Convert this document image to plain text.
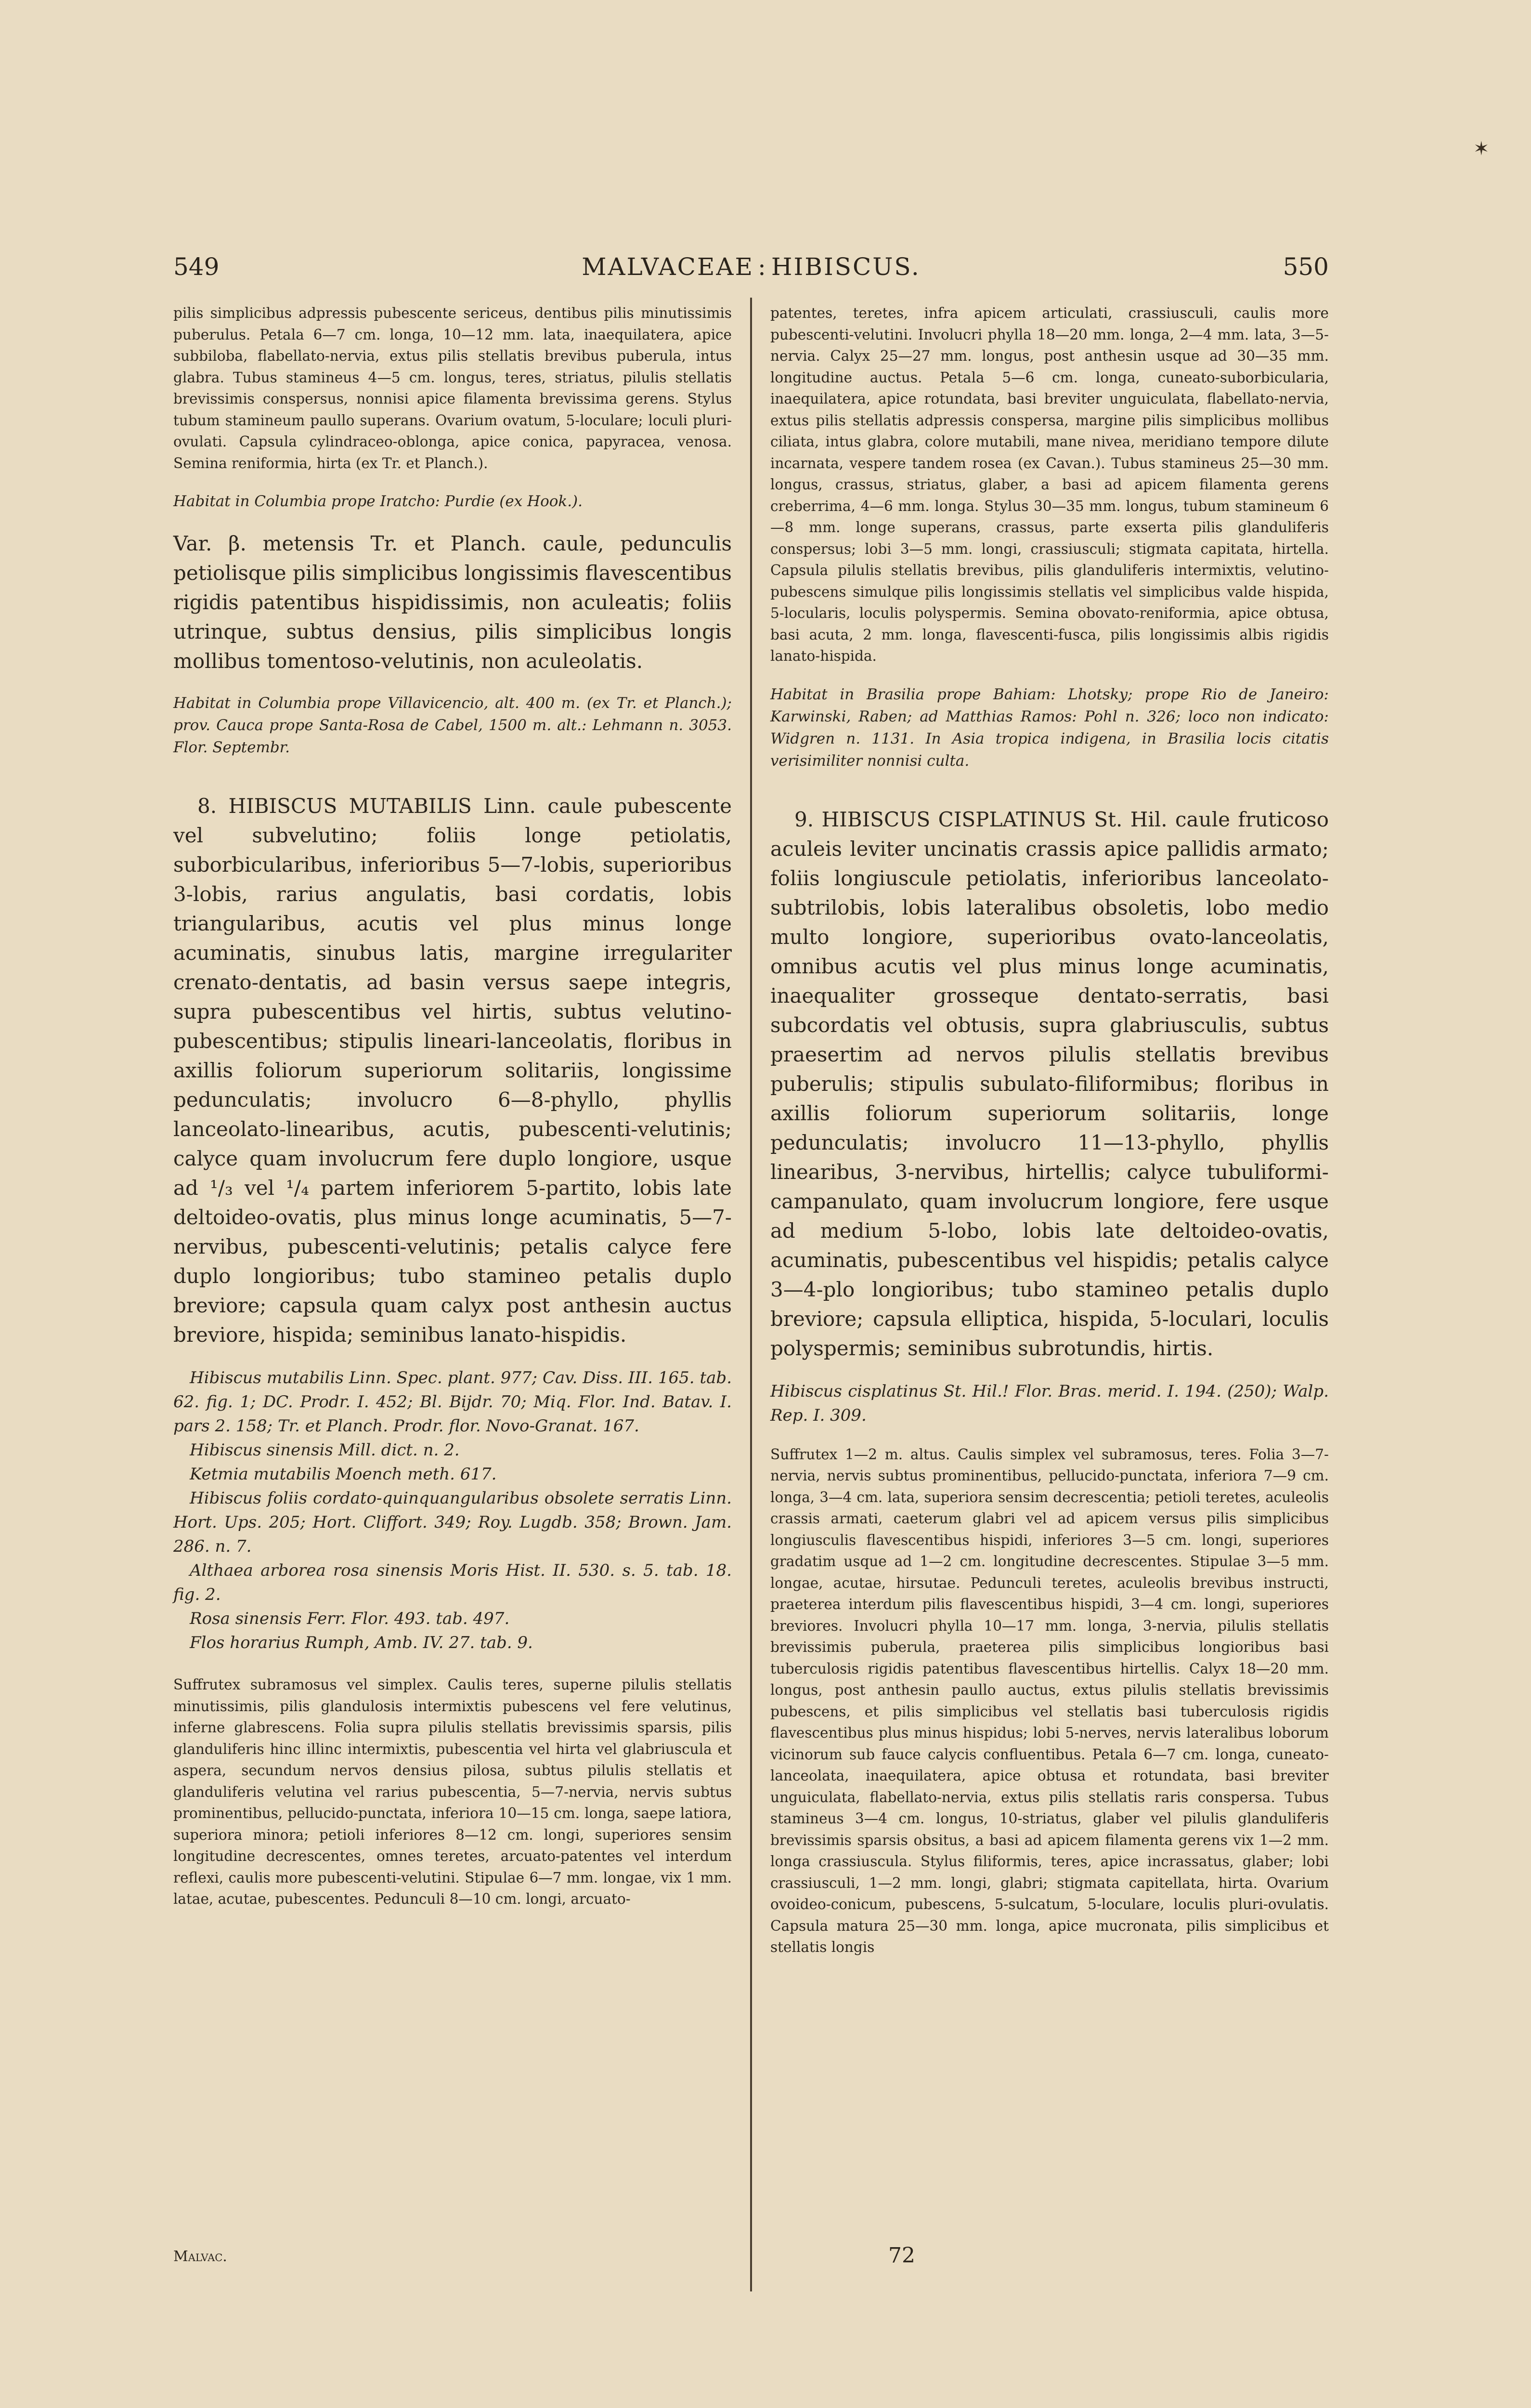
✶
549	MALVACEAE : HIBISCUS.	550

pilis simplicibus adpressis pubescente sericeus, dentibus pilis minutissimis puberulus. Petala 6—7 cm. longa, 10—12 mm. lata, inaequilatera, apice subbiloba, flabellato-nervia, extus pilis stellatis brevibus puberula, intus glabra. Tubus stamineus 4—5 cm. longus, teres, striatus, pilulis stellatis brevissimis conspersus, nonnisi apice filamenta brevissima gerens. Stylus tubum stamineum paullo superans. Ovarium ovatum, 5-loculare; loculi pluri-ovulati. Capsula cylindraceo-oblonga, apice conica, papyracea, venosa. Semina reniformia, hirta (ex Tr. et Planch.).

Habitat in Columbia prope Iratcho: Purdie (ex Hook.).

Var. β. metensis Tr. et Planch. caule, pedunculis petiolisque pilis simplicibus longissimis flavescentibus rigidis patentibus hispidissimis, non aculeatis; foliis utrinque, subtus densius, pilis simplicibus longis mollibus tomentoso-velutinis, non aculeolatis.

Habitat in Columbia prope Villavicencio, alt. 400 m. (ex Tr. et Planch.); prov. Cauca prope Santa-Rosa de Cabel, 1500 m. alt.: Lehmann n. 3053. Flor. Septembr.

8. HIBISCUS MUTABILIS Linn. caule pubescente vel subvelutino; foliis longe petiolatis, suborbicularibus, inferioribus 5—7-lobis, superioribus 3-lobis, rarius angulatis, basi cordatis, lobis triangularibus, acutis vel plus minus longe acuminatis, sinubus latis, margine irregulariter crenato-dentatis, ad basin versus saepe integris, supra pubescentibus vel hirtis, subtus velutino-pubescentibus; stipulis lineari-lanceolatis, floribus in axillis foliorum superiorum solitariis, longissime pedunculatis; involucro 6—8-phyllo, phyllis lanceolato-linearibus, acutis, pubescenti-velutinis; calyce quam involucrum fere duplo longiore, usque ad ¹/₃ vel ¹/₄ partem inferiorem 5-partito, lobis late deltoideo-ovatis, plus minus longe acuminatis, 5—7-nervibus, pubescenti-velutinis; petalis calyce fere duplo longioribus; tubo stamineo petalis duplo breviore; capsula quam calyx post anthesin auctus breviore, hispida; seminibus lanato-hispidis.

Hibiscus mutabilis Linn. Spec. plant. 977; Cav. Diss. III. 165. tab. 62. fig. 1; DC. Prodr. I. 452; Bl. Bijdr. 70; Miq. Flor. Ind. Batav. I. pars 2. 158; Tr. et Planch. Prodr. flor. Novo-Granat. 167.

Hibiscus sinensis Mill. dict. n. 2.

Ketmia mutabilis Moench meth. 617.

Hibiscus foliis cordato-quinquangularibus obsolete serratis Linn. Hort. Ups. 205; Hort. Cliffort. 349; Roy. Lugdb. 358; Brown. Jam. 286. n. 7.

Althaea arborea rosa sinensis Moris Hist. II. 530. s. 5. tab. 18. fig. 2.

Rosa sinensis Ferr. Flor. 493. tab. 497.

Flos horarius Rumph, Amb. IV. 27. tab. 9.

Suffrutex subramosus vel simplex. Caulis teres, superne pilulis stellatis minutissimis, pilis glandulosis intermixtis pubescens vel fere velutinus, inferne glabrescens. Folia supra pilulis stellatis brevissimis sparsis, pilis glanduliferis hinc illinc intermixtis, pubescentia vel hirta vel glabriuscula et aspera, secundum nervos densius pilosa, subtus pilulis stellatis et glanduliferis velutina vel rarius pubescentia, 5—7-nervia, nervis subtus prominentibus, pellucido-punctata, inferiora 10—15 cm. longa, saepe latiora, superiora minora; petioli inferiores 8—12 cm. longi, superiores sensim longitudine decrescentes, omnes teretes, arcuato-patentes vel interdum reflexi, caulis more pubescenti-velutini. Stipulae 6—7 mm. longae, vix 1 mm. latae, acutae, pubescentes. Pedunculi 8—10 cm. longi, arcuato-

patentes, teretes, infra apicem articulati, crassiusculi, caulis more pubescenti-velutini. Involucri phylla 18—20 mm. longa, 2—4 mm. lata, 3—5-nervia. Calyx 25—27 mm. longus, post anthesin usque ad 30—35 mm. longitudine auctus. Petala 5—6 cm. longa, cuneato-suborbicularia, inaequilatera, apice rotundata, basi breviter unguiculata, flabellato-nervia, extus pilis stellatis adpressis conspersa, margine pilis simplicibus mollibus ciliata, intus glabra, colore mutabili, mane nivea, meridiano tempore dilute incarnata, vespere tandem rosea (ex Cavan.). Tubus stamineus 25—30 mm. longus, crassus, striatus, glaber, a basi ad apicem filamenta gerens creberrima, 4—6 mm. longa. Stylus 30—35 mm. longus, tubum stamineum 6—8 mm. longe superans, crassus, parte exserta pilis glanduliferis conspersus; lobi 3—5 mm. longi, crassiusculi; stigmata capitata, hirtella. Capsula pilulis stellatis brevibus, pilis glanduliferis intermixtis, velutino-pubescens simulque pilis longissimis stellatis vel simplicibus valde hispida, 5-locularis, loculis polyspermis. Semina obovato-reniformia, apice obtusa, basi acuta, 2 mm. longa, flavescenti-fusca, pilis longissimis albis rigidis lanato-hispida.

Habitat in Brasilia prope Bahiam: Lhotsky; prope Rio de Janeiro: Karwinski, Raben; ad Matthias Ramos: Pohl n. 326; loco non indicato: Widgren n. 1131. In Asia tropica indigena, in Brasilia locis citatis verisimiliter nonnisi culta.

9. HIBISCUS CISPLATINUS St. Hil. caule fruticoso aculeis leviter uncinatis crassis apice pallidis armato; foliis longiuscule petiolatis, inferioribus lanceolato-subtrilobis, lobis lateralibus obsoletis, lobo medio multo longiore, superioribus ovato-lanceolatis, omnibus acutis vel plus minus longe acuminatis, inaequaliter grosseque dentato-serratis, basi subcordatis vel obtusis, supra glabriusculis, subtus praesertim ad nervos pilulis stellatis brevibus puberulis; stipulis subulato-filiformibus; floribus in axillis foliorum superiorum solitariis, longe pedunculatis; involucro 11—13-phyllo, phyllis linearibus, 3-nervibus, hirtellis; calyce tubuliformi-campanulato, quam involucrum longiore, fere usque ad medium 5-lobo, lobis late deltoideo-ovatis, acuminatis, pubescentibus vel hispidis; petalis calyce 3—4-plo longioribus; tubo stamineo petalis duplo breviore; capsula elliptica, hispida, 5-loculari, loculis polyspermis; seminibus subrotundis, hirtis.

Hibiscus cisplatinus St. Hil.! Flor. Bras. merid. I. 194. (250); Walp. Rep. I. 309.

Suffrutex 1—2 m. altus. Caulis simplex vel subramosus, teres. Folia 3—7-nervia, nervis subtus prominentibus, pellucido-punctata, inferiora 7—9 cm. longa, 3—4 cm. lata, superiora sensim decrescentia; petioli teretes, aculeolis crassis armati, caeterum glabri vel ad apicem versus pilis simplicibus longiusculis flavescentibus hispidi, inferiores 3—5 cm. longi, superiores gradatim usque ad 1—2 cm. longitudine decrescentes. Stipulae 3—5 mm. longae, acutae, hirsutae. Pedunculi teretes, aculeolis brevibus instructi, praeterea interdum pilis flavescentibus hispidi, 3—4 cm. longi, superiores breviores. Involucri phylla 10—17 mm. longa, 3-nervia, pilulis stellatis brevissimis puberula, praeterea pilis simplicibus longioribus basi tuberculosis rigidis patentibus flavescentibus hirtellis. Calyx 18—20 mm. longus, post anthesin paullo auctus, extus pilulis stellatis brevissimis pubescens, et pilis simplicibus vel stellatis basi tuberculosis rigidis flavescentibus plus minus hispidus; lobi 5-nerves, nervis lateralibus loborum vicinorum sub fauce calycis confluentibus. Petala 6—7 cm. longa, cuneato-lanceolata, inaequilatera, apice obtusa et rotundata, basi breviter unguiculata, flabellato-nervia, extus pilis stellatis raris conspersa. Tubus stamineus 3—4 cm. longus, 10-striatus, glaber vel pilulis glanduliferis brevissimis sparsis obsitus, a basi ad apicem filamenta gerens vix 1—2 mm. longa crassiuscula. Stylus filiformis, teres, apice incrassatus, glaber; lobi crassiusculi, 1—2 mm. longi, glabri; stigmata capitellata, hirta. Ovarium ovoideo-conicum, pubescens, 5-sulcatum, 5-loculare, loculis pluri-ovulatis. Capsula matura 25—30 mm. longa, apice mucronata, pilis simplicibus et stellatis longis

Malvac.	72
